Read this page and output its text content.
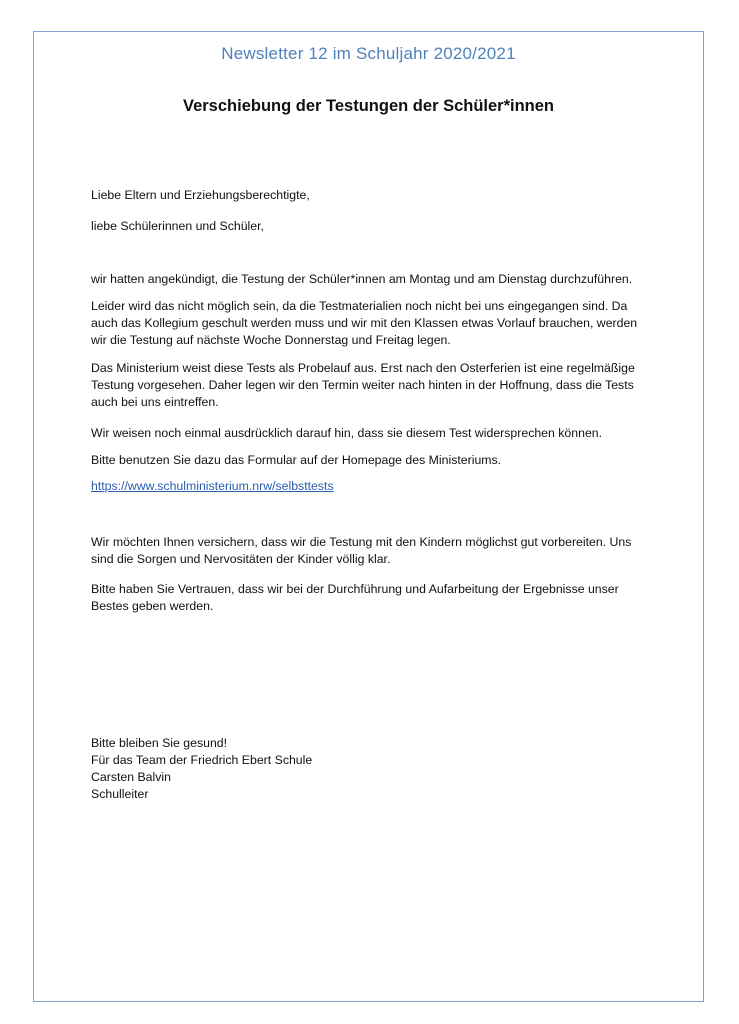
Newsletter 12 im Schuljahr 2020/2021
Verschiebung der Testungen der Schüler*innen

Liebe Eltern und Erziehungsberechtigte,

liebe Schülerinnen und Schüler,

wir hatten angekündigt, die Testung der Schüler*innen am Montag und am Dienstag durchzuführen.

Leider wird das nicht möglich sein, da die Testmaterialien noch nicht bei uns eingegangen sind. Da

auch das Kollegium geschult werden muss und wir mit den Klassen etwas Vorlauf brauchen, werden

wir die Testung auf nächste Woche Donnerstag und Freitag legen.

Das Ministerium weist diese Tests als Probelauf aus. Erst nach den Osterferien ist eine regelmäßige

Testung vorgesehen. Daher legen wir den Termin weiter nach hinten in der Hoffnung, dass die Tests

auch bei uns eintreffen.

Wir weisen noch einmal ausdrücklich darauf hin, dass sie diesem Test widersprechen können.

Bitte benutzen Sie dazu das Formular auf der Homepage des Ministeriums.

https://www.schulministerium.nrw/selbsttests

Wir möchten Ihnen versichern, dass wir die Testung mit den Kindern möglichst gut vorbereiten. Uns

sind die Sorgen und Nervositäten der Kinder völlig klar.

Bitte haben Sie Vertrauen, dass wir bei der Durchführung und Aufarbeitung der Ergebnisse unser

Bestes geben werden.

Bitte bleiben Sie gesund!

Für das Team der Friedrich Ebert Schule

Carsten Balvin

Schulleiter
